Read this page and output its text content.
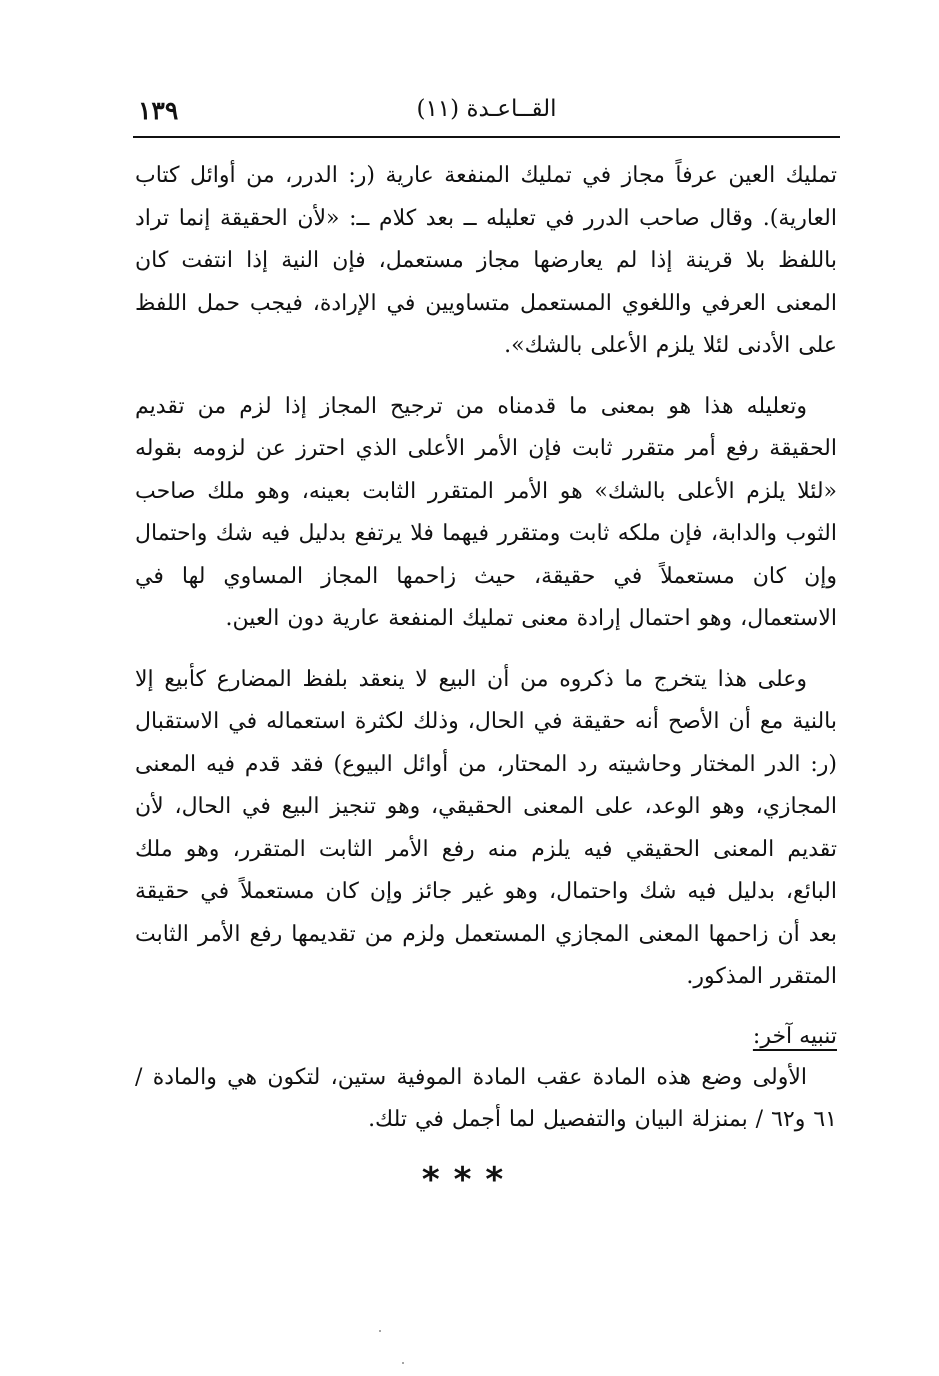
١٣٩	القــاعـدة (١١)

تمليك العين عرفاً مجاز في تمليك المنفعة عارية (ر: الدرر، من أوائل كتاب العارية). وقال صاحب الدرر في تعليله ــ بعد كلام ــ: «لأن الحقيقة إنما تراد باللفظ بلا قرينة إذا لم يعارضها مجاز مستعمل، فإن النية إذا انتفت كان المعنى العرفي واللغوي المستعمل متساويين في الإرادة، فيجب حمل اللفظ على الأدنى لئلا يلزم الأعلى بالشك».

وتعليله هذا هو بمعنى ما قدمناه من ترجيح المجاز إذا لزم من تقديم الحقيقة رفع أمر متقرر ثابت فإن الأمر الأعلى الذي احترز عن لزومه بقوله «لئلا يلزم الأعلى بالشك» هو الأمر المتقرر الثابت بعينه، وهو ملك صاحب الثوب والدابة، فإن ملكه ثابت ومتقرر فيهما فلا يرتفع بدليل فيه شك واحتمال وإن كان مستعملاً في حقيقة، حيث زاحمها المجاز المساوي لها في الاستعمال، وهو احتمال إرادة معنى تمليك المنفعة عارية دون العين.

وعلى هذا يتخرج ما ذكروه من أن البيع لا ينعقد بلفظ المضارع كأبيع إلا بالنية مع أن الأصح أنه حقيقة في الحال، وذلك لكثرة استعماله في الاستقبال (ر: الدر المختار وحاشيته رد المحتار، من أوائل البيوع) فقد قدم فيه المعنى المجازي، وهو الوعد، على المعنى الحقيقي، وهو تنجيز البيع في الحال، لأن تقديم المعنى الحقيقي فيه يلزم منه رفع الأمر الثابت المتقرر، وهو ملك البائع، بدليل فيه شك واحتمال، وهو غير جائز وإن كان مستعملاً في حقيقة بعد أن زاحمها المعنى المجازي المستعمل ولزم من تقديمها رفع الأمر الثابت المتقرر المذكور.

تنبيه آخر:

الأولى وضع هذه المادة عقب المادة الموفية ستين، لتكون هي والمادة / ٦١ و٦٢ / بمنزلة البيان والتفصيل لما أجمل في تلك.

***
